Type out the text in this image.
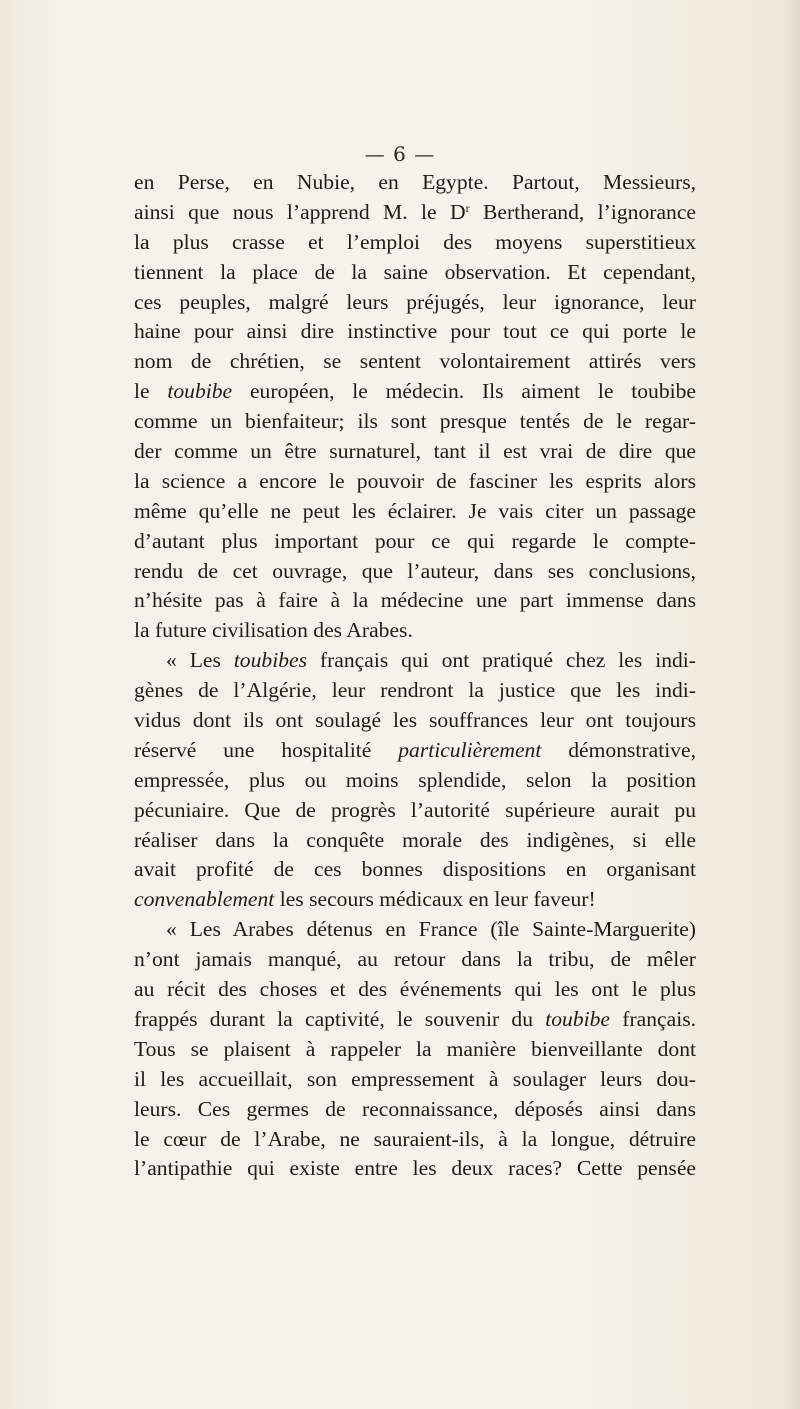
— 6 —
en Perse, en Nubie, en Egypte. Partout, Messieurs,
ainsi que nous l’apprend M. le $D^r$ Bertherand, l’ignorance
la plus crasse et l’emploi des moyens superstitieux
tiennent la place de la saine observation. Et cependant,
ces peuples, malgré leurs préjugés, leur ignorance, leur
haine pour ainsi dire instinctive pour tout ce qui porte le
nom de chrétien, se sentent volontairement attirés vers
le toubibe européen, le médecin. Ils aiment le toubibe
comme un bienfaiteur; ils sont presque tentés de le regar-
der comme un être surnaturel, tant il est vrai de dire que
la science a encore le pouvoir de fasciner les esprits alors
même qu’elle ne peut les éclairer. Je vais citer un passage
d’autant plus important pour ce qui regarde le compte-
rendu de cet ouvrage, que l’auteur, dans ses conclusions,
n’hésite pas à faire à la médecine une part immense dans
la future civilisation des Arabes.
« Les toubibes français qui ont pratiqué chez les indi-
gènes de l’Algérie, leur rendront la justice que les indi-
vidus dont ils ont soulagé les souffrances leur ont toujours
réservé une hospitalité particulièrement démonstrative,
empressée, plus ou moins splendide, selon la position
pécuniaire. Que de progrès l’autorité supérieure aurait pu
réaliser dans la conquête morale des indigènes, si elle
avait profité de ces bonnes dispositions en organisant
convenablement les secours médicaux en leur faveur!
« Les Arabes détenus en France (île Sainte-Marguerite)
n’ont jamais manqué, au retour dans la tribu, de mêler
au récit des choses et des événements qui les ont le plus
frappés durant la captivité, le souvenir du toubibe français.
Tous se plaisent à rappeler la manière bienveillante dont
il les accueillait, son empressement à soulager leurs dou-
leurs. Ces germes de reconnaissance, déposés ainsi dans
le cœur de l’Arabe, ne sauraient-ils, à la longue, détruire
l’antipathie qui existe entre les deux races? Cette pensée
